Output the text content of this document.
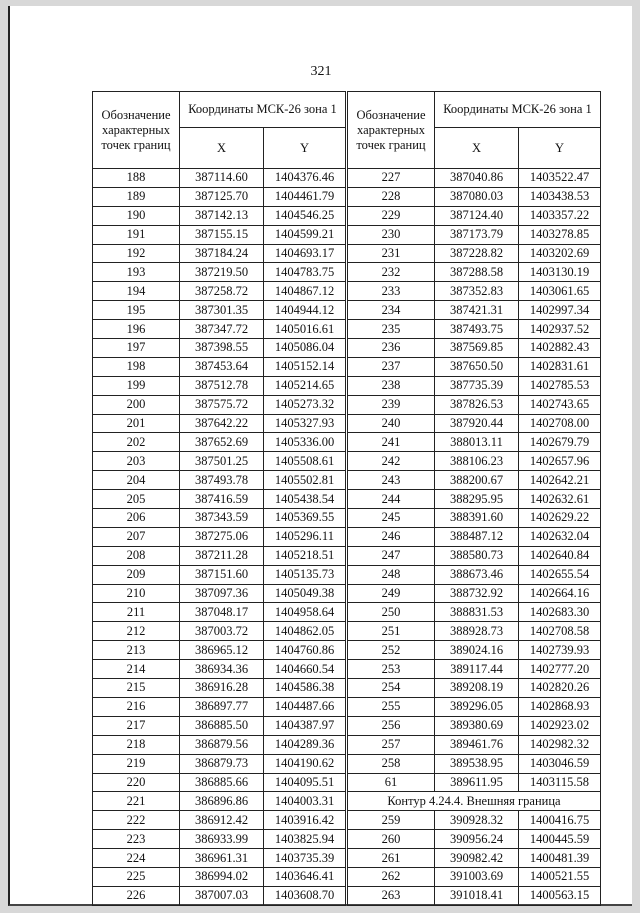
321
Обозначение характерных точек границ	Координаты МСК-26 зона 1	
	X	Y
188	387114.60	1404376.46
189	387125.70	1404461.79
190	387142.13	1404546.25
191	387155.15	1404599.21
192	387184.24	1404693.17
193	387219.50	1404783.75
194	387258.72	1404867.12
195	387301.35	1404944.12
196	387347.72	1405016.61
197	387398.55	1405086.04
198	387453.64	1405152.14
199	387512.78	1405214.65
200	387575.72	1405273.32
201	387642.22	1405327.93
202	387652.69	1405336.00
203	387501.25	1405508.61
204	387493.78	1405502.81
205	387416.59	1405438.54
206	387343.59	1405369.55
207	387275.06	1405296.11
208	387211.28	1405218.51
209	387151.60	1405135.73
210	387097.36	1405049.38
211	387048.17	1404958.64
212	387003.72	1404862.05
213	386965.12	1404760.86
214	386934.36	1404660.54
215	386916.28	1404586.38
216	386897.77	1404487.66
217	386885.50	1404387.97
218	386879.56	1404289.36
219	386879.73	1404190.62
220	386885.66	1404095.51
221	386896.86	1404003.31
222	386912.42	1403916.42
223	386933.99	1403825.94
224	386961.31	1403735.39
225	386994.02	1403646.41
226	387007.03	1403608.70
Обозначение характерных точек границ	Координаты МСК-26 зона 1	
	X	Y
227	387040.86	1403522.47
228	387080.03	1403438.53
229	387124.40	1403357.22
230	387173.79	1403278.85
231	387228.82	1403202.69
232	387288.58	1403130.19
233	387352.83	1403061.65
234	387421.31	1402997.34
235	387493.75	1402937.52
236	387569.85	1402882.43
237	387650.50	1402831.61
238	387735.39	1402785.53
239	387826.53	1402743.65
240	387920.44	1402708.00
241	388013.11	1402679.79
242	388106.23	1402657.96
243	388200.67	1402642.21
244	388295.95	1402632.61
245	388391.60	1402629.22
246	388487.12	1402632.04
247	388580.73	1402640.84
248	388673.46	1402655.54
249	388732.92	1402664.16
250	388831.53	1402683.30
251	388928.73	1402708.58
252	389024.16	1402739.93
253	389117.44	1402777.20
254	389208.19	1402820.26
255	389296.05	1402868.93
256	389380.69	1402923.02
257	389461.76	1402982.32
258	389538.95	1403046.59
61	389611.95	1403115.58
Контур 4.24.4. Внешняя граница		
259	390928.32	1400416.75
260	390956.24	1400445.59
261	390982.42	1400481.39
262	391003.69	1400521.55
263	391018.41	1400563.15
